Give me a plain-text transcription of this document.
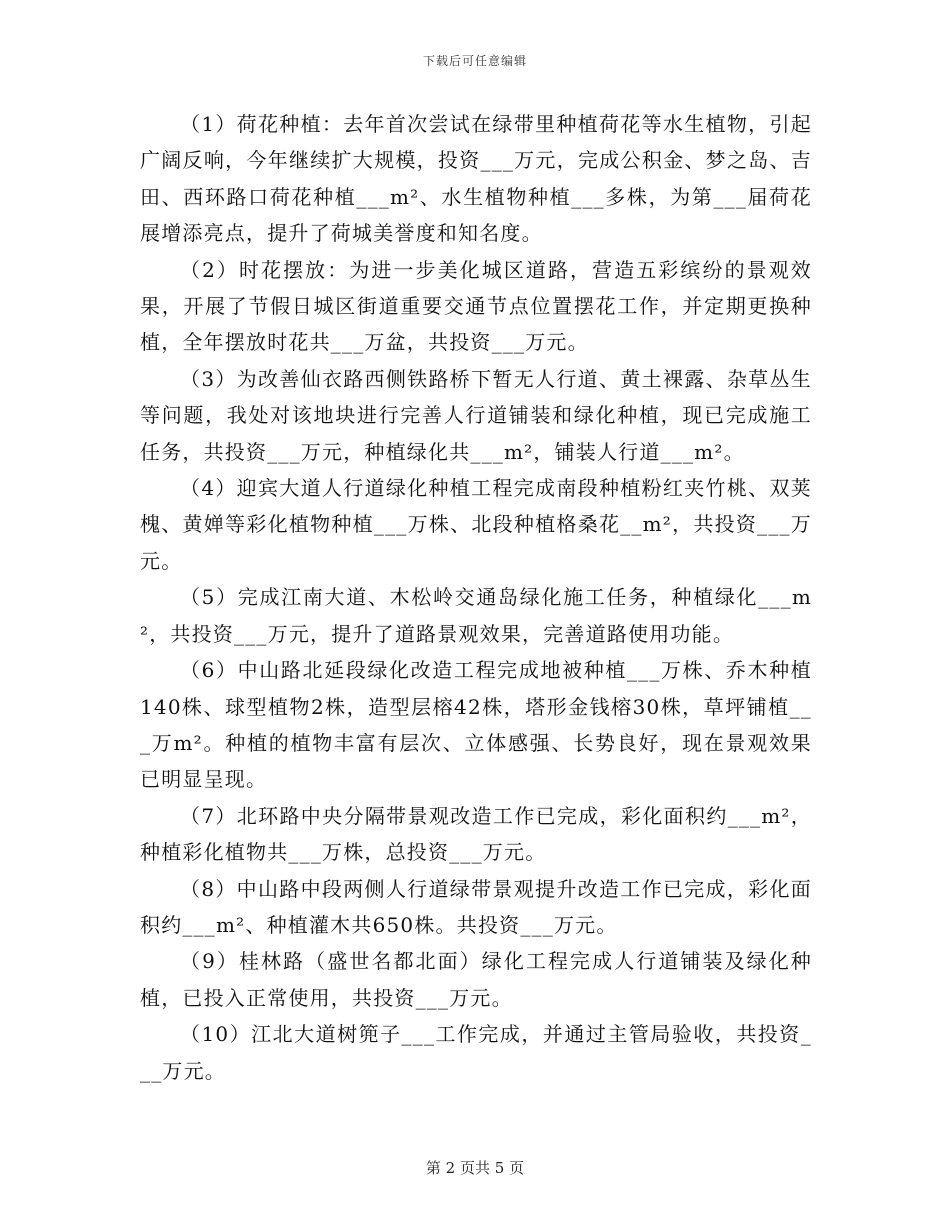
下载后可任意编辑

（1）荷花种植：去年首次尝试在绿带里种植荷花等水生植物，引起广阔反响，今年继续扩大规模，投资___万元，完成公积金、梦之岛、吉田、西环路口荷花种植___m²、水生植物种植___多株，为第___届荷花展增添亮点，提升了荷城美誉度和知名度。

（2）时花摆放：为进一步美化城区道路，营造五彩缤纷的景观效果，开展了节假日城区街道重要交通节点位置摆花工作，并定期更换种植，全年摆放时花共___万盆，共投资___万元。

（3）为改善仙衣路西侧铁路桥下暂无人行道、黄土裸露、杂草丛生等问题，我处对该地块进行完善人行道铺装和绿化种植，现已完成施工任务，共投资___万元，种植绿化共___m²，铺装人行道___m²。

（4）迎宾大道人行道绿化种植工程完成南段种植粉红夹竹桃、双荚槐、黄婵等彩化植物种植___万株、北段种植格桑花__m²，共投资___万元。

（5）完成江南大道、木松岭交通岛绿化施工任务，种植绿化___m²，共投资___万元，提升了道路景观效果，完善道路使用功能。

（6）中山路北延段绿化改造工程完成地被种植___万株、乔木种植140株、球型植物2株，造型层榕42株，塔形金钱榕30株，草坪铺植___万m²。种植的植物丰富有层次、立体感强、长势良好，现在景观效果已明显呈现。

（7）北环路中央分隔带景观改造工作已完成，彩化面积约___m²，种植彩化植物共___万株，总投资___万元。

（8）中山路中段两侧人行道绿带景观提升改造工作已完成，彩化面积约___m²、种植灌木共650株。共投资___万元。

（9）桂林路（盛世名都北面）绿化工程完成人行道铺装及绿化种植，已投入正常使用，共投资___万元。

（10）江北大道树篼子___工作完成，并通过主管局验收，共投资___万元。

第 2 页共 5 页
